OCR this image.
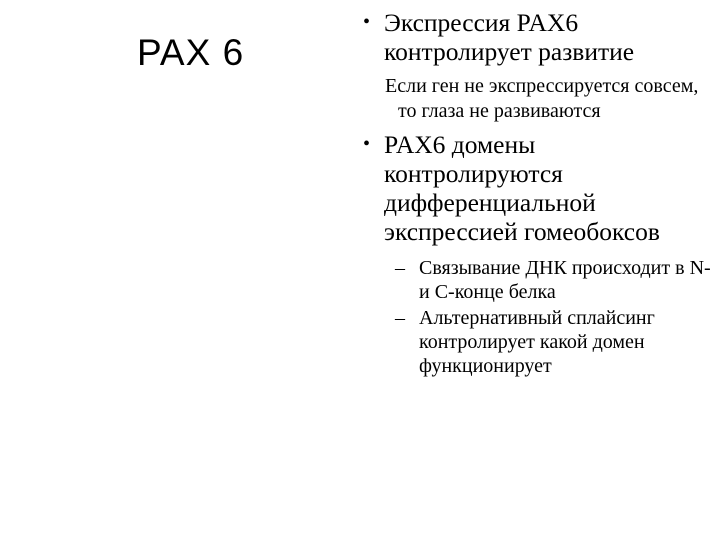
PAX 6
• Экспрессия PAX6 контролирует развитие
Если ген не экспрессируется совсем, то глаза не развиваются
• PAX6 домены контролируются дифференциальной экспрессией гомеобоксов
– Связывание ДНК происходит в N- и C-конце белка
– Альтернативный сплайсинг контролирует какой домен функционирует
